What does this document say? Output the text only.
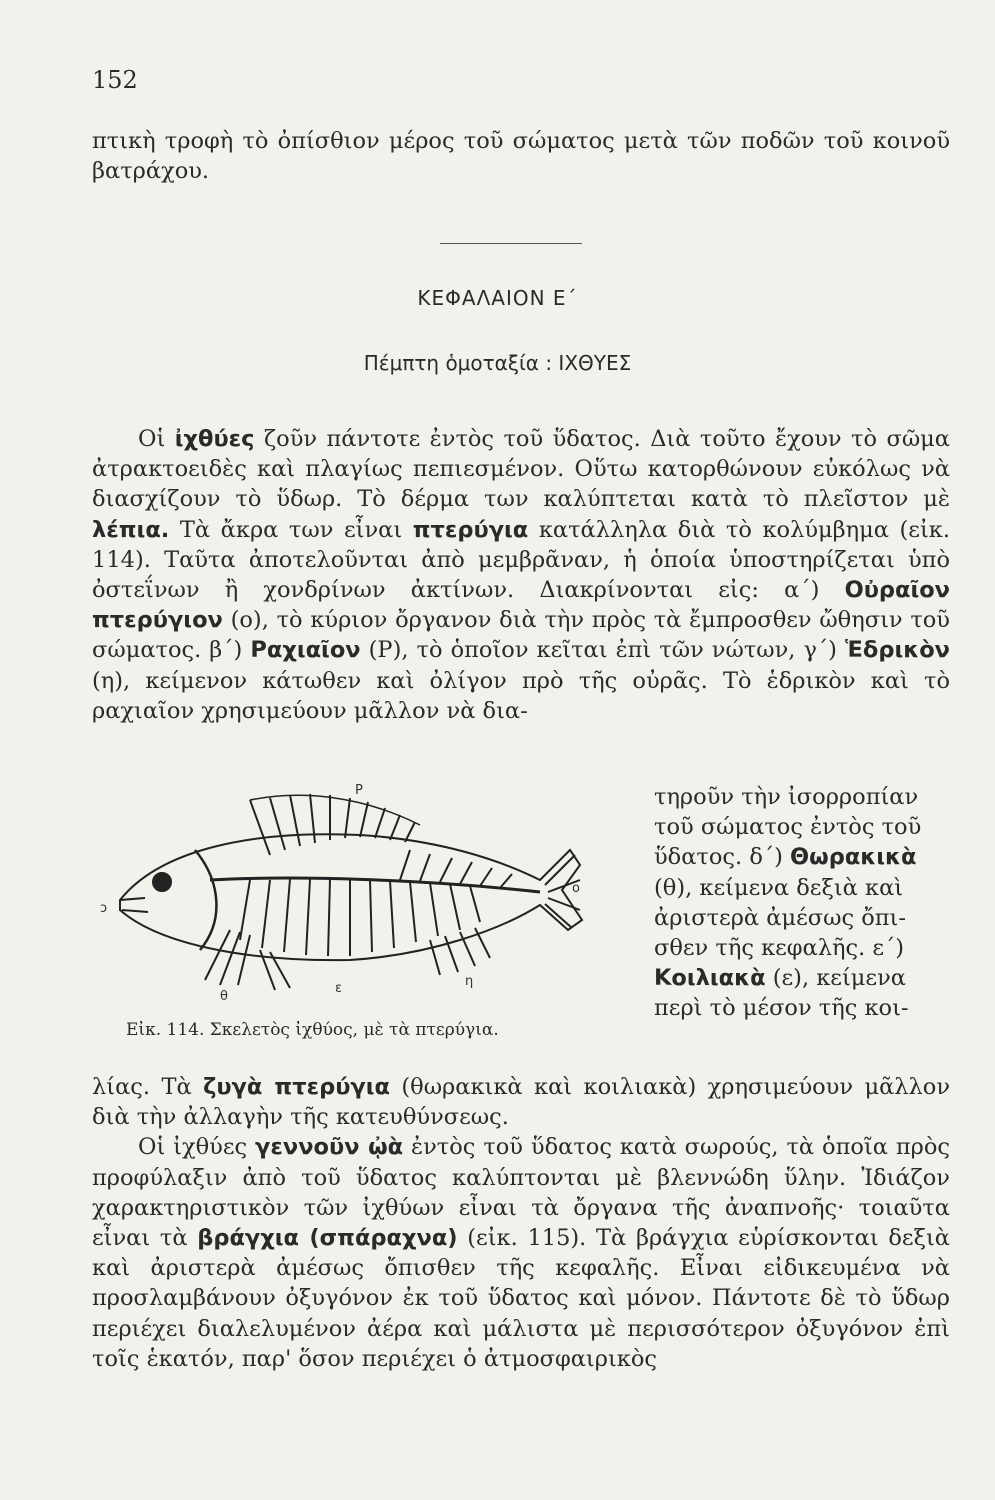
152
πτικὴ τροφὴ τὸ ὀπίσθιον μέρος τοῦ σώματος μετὰ τῶν ποδῶν τοῦ κοινοῦ βατράχου.
ΚΕΦΑΛΑΙΟΝ Ε΄
Πέμπτη ὁμοταξία : ΙΧΘΥΕΣ

Οἱ ἰχθύες ζοῦν πάντοτε ἐντὸς τοῦ ὕδατος. Διὰ τοῦτο ἔχουν τὸ σῶμα ἀτρακτοειδὲς καὶ πλαγίως πεπιεσμένον. Οὕτω κατορθώνουν εὐκόλως νὰ διασχίζουν τὸ ὕδωρ. Τὸ δέρμα των καλύπτεται κατὰ τὸ πλεῖστον μὲ λέπια. Τὰ ἄκρα των εἶναι πτερύγια κατάλληλα διὰ τὸ κολύμβημα (εἰκ. 114). Ταῦτα ἀποτελοῦνται ἀπὸ μεμβρᾶναν, ἡ ὁποία ὑποστηρίζεται ὑπὸ ὀστεΐνων ἢ χονδρίνων ἀκτίνων. Διακρίνονται εἰς: α΄) Οὐραῖον πτερύγιον (ο), τὸ κύριον ὄργανον διὰ τὴν πρὸς τὰ ἔμπροσθεν ὤθησιν τοῦ σώματος. β΄) Ραχιαῖον (Ρ), τὸ ὁποῖον κεῖται ἐπὶ τῶν νώτων, γ΄) Ἑδρικὸν (η), κείμενον κάτωθεν καὶ ὀλίγον πρὸ τῆς οὐρᾶς. Τὸ ἑδρικὸν καὶ τὸ ραχιαῖον χρησιμεύουν μᾶλλον νὰ δια-

P
ο
η
θ
ε
ɔ
τηροῦν τὴν ἰσορροπίαν
τοῦ σώματος ἐντὸς τοῦ
ὕδατος. δ΄) Θωρακικὰ
(θ), κείμενα δεξιὰ καὶ
ἀριστερὰ ἀμέσως ὄπι-
σθεν τῆς κεφαλῆς. ε΄)
Κοιλιακὰ (ε), κείμενα
περὶ τὸ μέσον τῆς κοι-
Εἰκ. 114. Σκελετὸς ἰχθύος, μὲ τὰ πτερύγια.

λίας. Τὰ ζυγὰ πτερύγια (θωρακικὰ καὶ κοιλιακὰ) χρησιμεύουν μᾶλλον διὰ τὴν ἀλλαγὴν τῆς κατευθύνσεως.

Οἱ ἰχθύες γεννοῦν ᾠὰ ἐντὸς τοῦ ὕδατος κατὰ σωρούς, τὰ ὁποῖα πρὸς προφύλαξιν ἀπὸ τοῦ ὕδατος καλύπτονται μὲ βλεννώδη ὕλην. Ἰδιάζον χαρακτηριστικὸν τῶν ἰχθύων εἶναι τὰ ὄργανα τῆς ἀναπνοῆς· τοιαῦτα εἶναι τὰ βράγχια (σπάραχνα) (εἰκ. 115). Τὰ βράγχια εὑρίσκονται δεξιὰ καὶ ἀριστερὰ ἀμέσως ὄπισθεν τῆς κεφαλῆς. Εἶναι εἰδικευμένα νὰ προσλαμβάνουν ὀξυγόνον ἐκ τοῦ ὕδατος καὶ μόνον. Πάντοτε δὲ τὸ ὕδωρ περιέχει διαλελυμένον ἀέρα καὶ μάλιστα μὲ περισσότερον ὀξυγόνον ἐπὶ τοῖς ἑκατόν, παρ' ὅσον περιέχει ὁ ἀτμοσφαιρικὸς
